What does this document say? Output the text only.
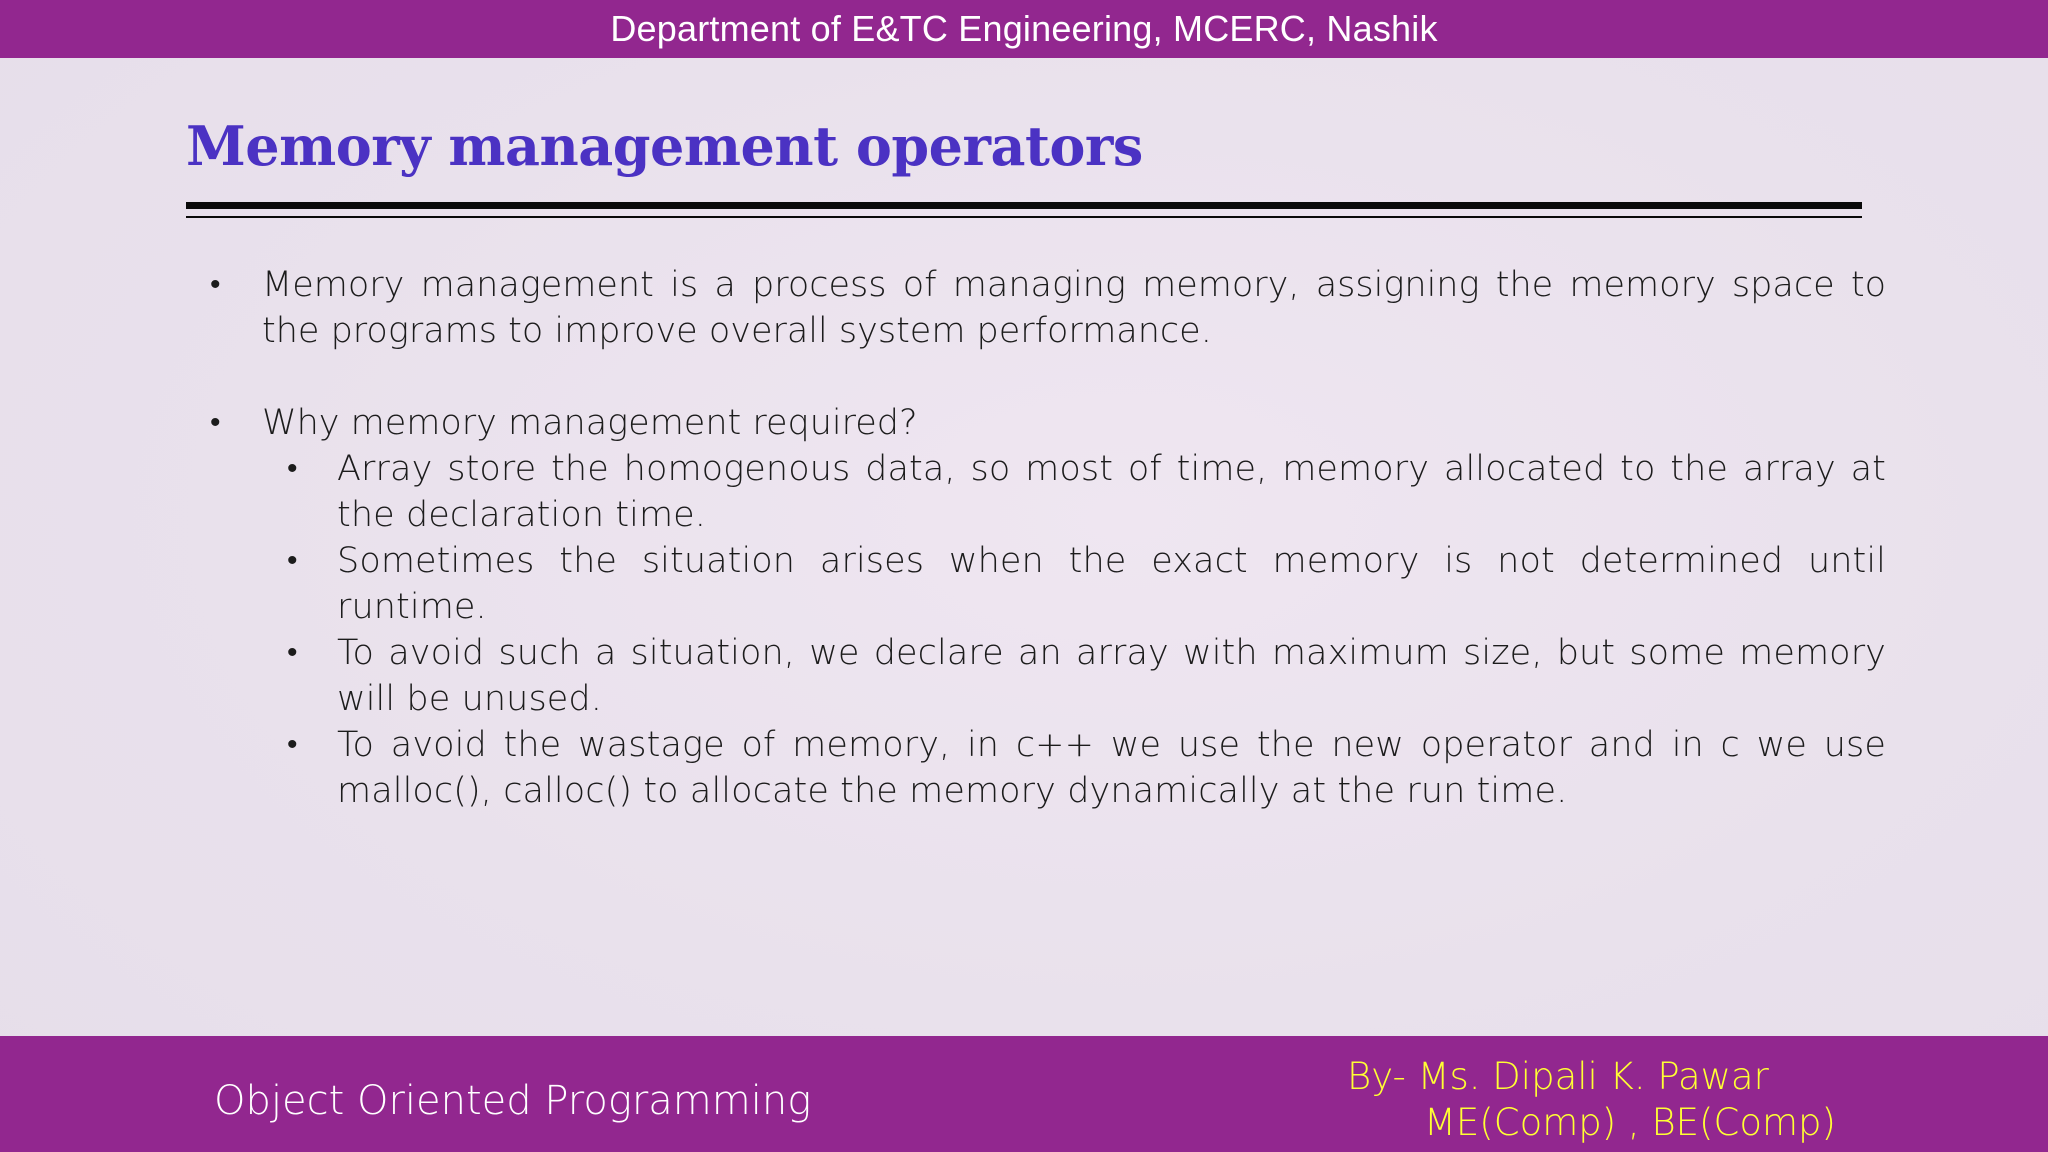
Department of E&TC Engineering, MCERC, Nashik
Memory management operators
• Memory management is a process of managing memory, assigning the memory space to the programs to improve overall system performance.
• Why memory management required?
• Array store the homogenous data, so most of time, memory allocated to the array at the declaration time.
• Sometimes the situation arises when the exact memory is not determined until runtime.
• To avoid such a situation, we declare an array with maximum size, but some memory will be unused.
• To avoid the wastage of memory, in c++ we use the new operator and in c we use malloc(), calloc() to allocate the memory dynamically at the run time.
Object Oriented Programming
By- Ms. Dipali K. Pawar
ME(Comp) , BE(Comp)
